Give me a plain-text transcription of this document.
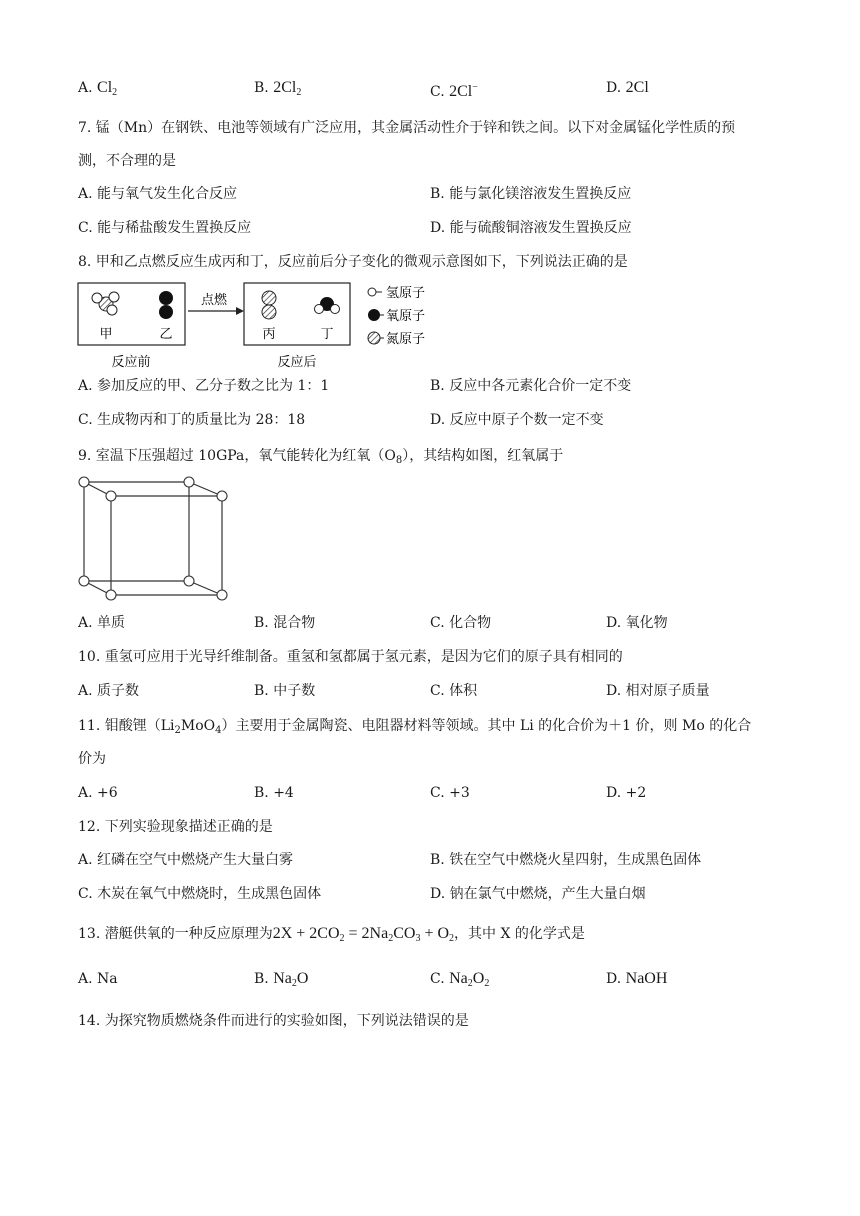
A. $Cl_2$	B. $2Cl_2$	C. 2Cl−	D. 2Cl
7. 锰（Mn）在钢铁、电池等领域有广泛应用，其金属活动性介于锌和铁之间。以下对金属锰化学性质的预
测，不合理的是
A. 能与氧气发生化合反应	B. 能与氯化镁溶液发生置换反应
C. 能与稀盐酸发生置换反应	D. 能与硫酸铜溶液发生置换反应
8. 甲和乙点燃反应生成丙和丁，反应前后分子变化的微观示意图如下，下列说法正确的是
甲	乙
反应前
点燃
丙	丁
反应后
氢原子
氧原子
氮原子
A. 参加反应的甲、乙分子数之比为 1：1	B. 反应中各元素化合价一定不变
C. 生成物丙和丁的质量比为 28：18	D. 反应中原子个数一定不变
9. 室温下压强超过 10GPa，氧气能转化为红氧$(O_8)$，其结构如图，红氧属于
A. 单质	B. 混合物	C. 化合物	D. 氧化物
10. 重氢可应用于光导纤维制备。重氢和氢都属于氢元素，是因为它们的原子具有相同的
A. 质子数	B. 中子数	C. 体积	D. 相对原子质量
11. 钼酸锂$(Li_2MoO_4)$主要用于金属陶瓷、电阻器材料等领域。其中 Li 的化合价为＋1 价，则 Mo 的化合
价为
A. +6	B. +4	C. +3	D. +2
12. 下列实验现象描述正确的是
A. 红磷在空气中燃烧产生大量白雾	B. 铁在空气中燃烧火星四射，生成黑色固体
C. 木炭在氧气中燃烧时，生成黑色固体	D. 钠在氯气中燃烧，产生大量白烟
13. 潜艇供氧的一种反应原理为$2X + 2CO_2 = 2Na_2CO_3 + O_2$，其中 X 的化学式是
A. Na	B. $Na_2O$	C. $Na_2O_2$	D. NaOH
14. 为探究物质燃烧条件而进行的实验如图，下列说法错误的是
